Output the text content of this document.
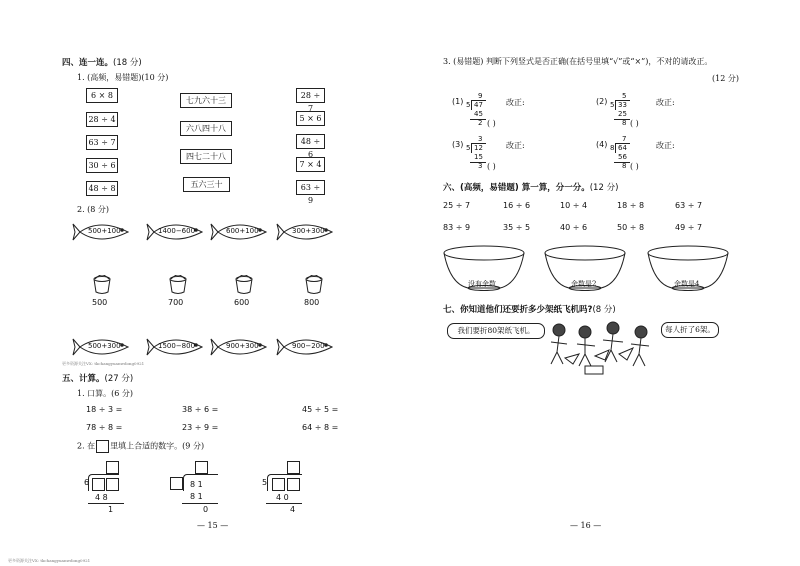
四、连一连。(18 分)
1. (高频，易错题)(10 分)
6 × 8
28 ÷ 4
63 ÷ 7
30 ÷ 6
48 ÷ 8
七九六十三
六八四十八
四七二十八
五六三十
28 ÷ 7
5 × 6
48 ÷ 6
7 × 4
63 ÷ 9
2. (8 分)
500+100	1400−600	600+100	300+300
500	700	600	800
500+300	1500−800	900+300	900−200
更多资源关注VX: tkchangyuanwdong0921
五、计算。(27 分)
1. 口算。(6 分)
18 ÷ 3 =	38 ÷ 6 =	45 ÷ 5 =
78 ÷ 8 =	23 ÷ 9 =	64 ÷ 8 =
2. 在 里填上合适的数字。(9 分)
6
4 8
1
8 1
8 1
0
5
4 0
4
— 15 —
更多资源关注VX: tkchangyuanwdong0921
3. (易错题) 判断下列竖式是否正确(在括号里填“√”或“×”)，不对的请改正。
(12 分)
(1)
9
5 47
45
2 ( )
改正:	(2)
5
5 33
25
8 ( )
改正:
(3)
3
5 12
15
3 ( )
改正:	(4)
7
8 64
56
8 ( )
改正:
六、(高频，易错题) 算一算，分一分。(12 分)
25 ÷ 7	16 ÷ 6	10 ÷ 4	18 ÷ 8	63 ÷ 7
83 ÷ 9	35 ÷ 5	40 ÷ 6	50 ÷ 8	49 ÷ 7
没有余数	余数是2	余数是4
七、你知道他们还要折多少架纸飞机吗?(8 分)
我们要折80架纸飞机。	每人折了6架。
— 16 —
